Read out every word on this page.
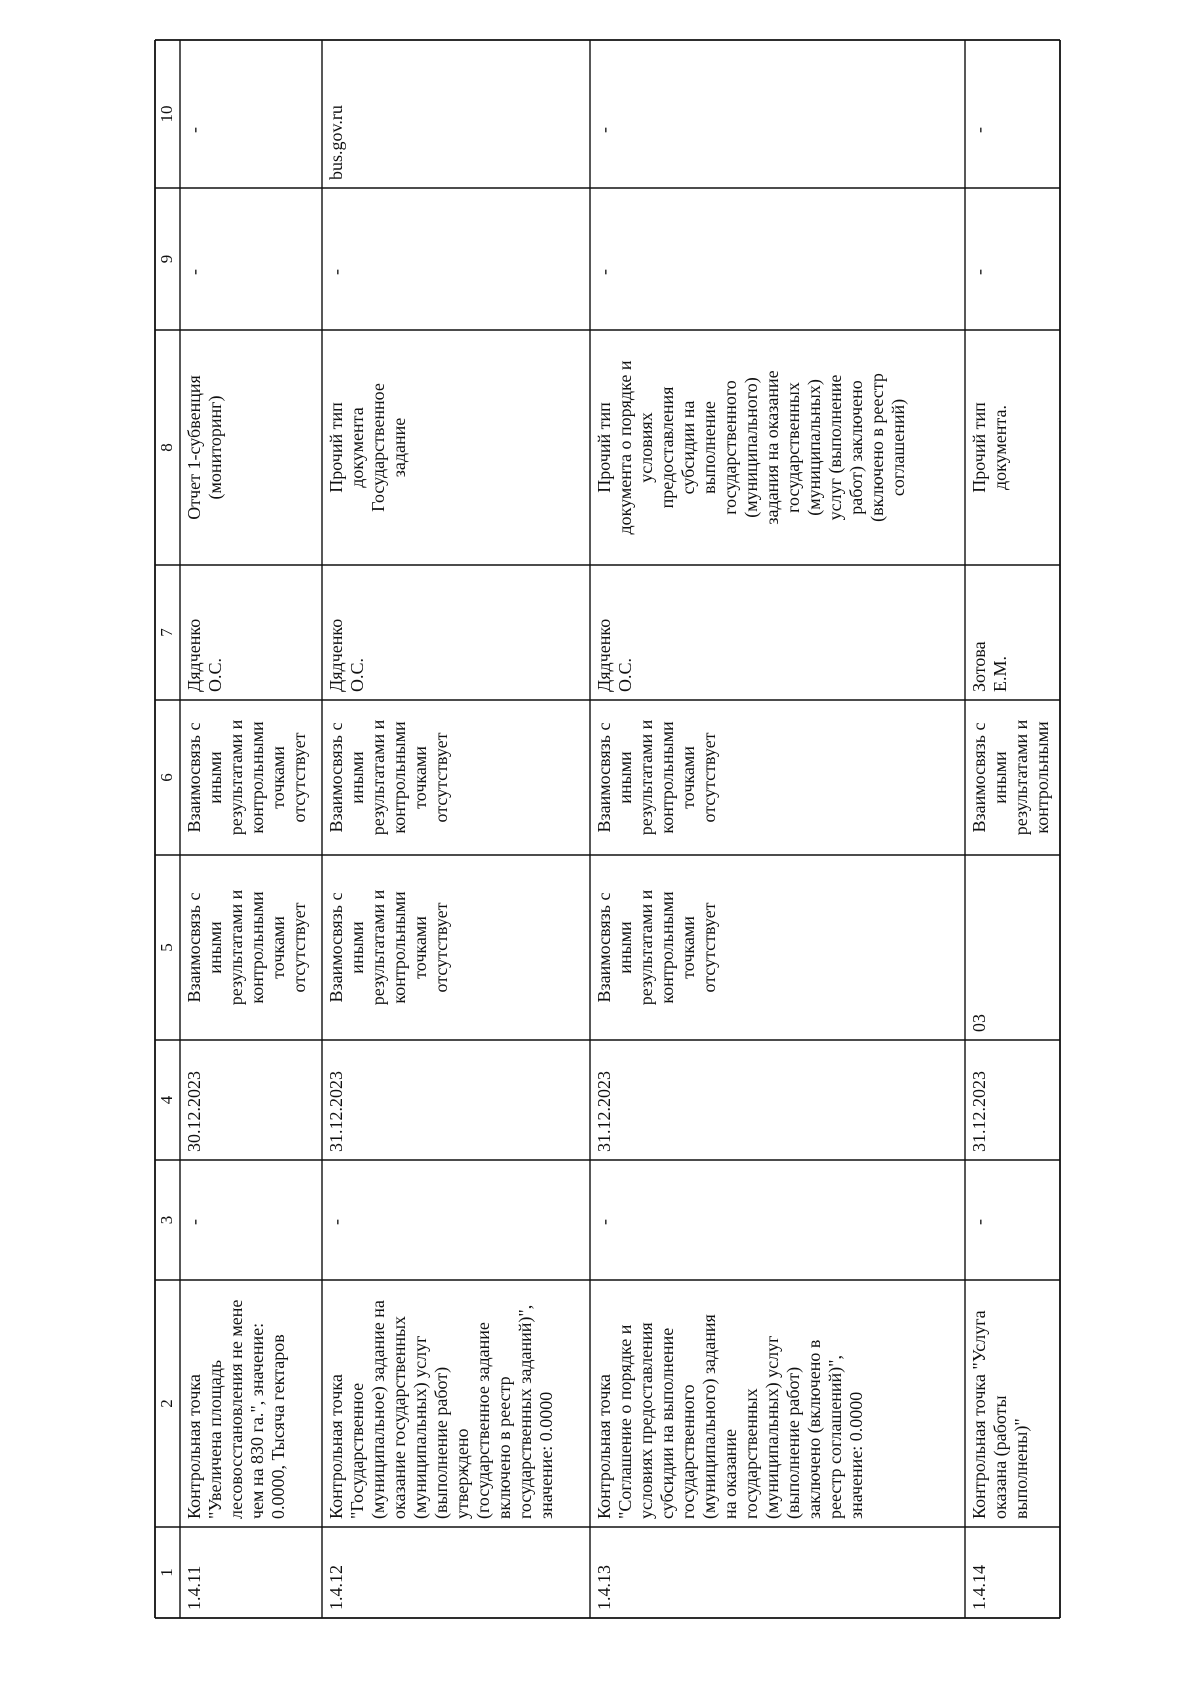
1
2
3
4
5
6
7
8
9
10
-
-
Отчет 1-субвенция (мониторинг)
Дядченко О.С.
Взаимосвязь с иными результатами и контрольными точками отсутствует
Взаимосвязь с иными результатами и контрольными точками отсутствует
30.12.2023
-
Контрольная точка "Увеличена площадь лесовосстановления не мене чем на 830 га.", значение: 0.0000, Тысяча гектаров
1.4.11
bus.gov.ru
-
Прочий тип документа Государственное задание
Дядченко О.С.
Взаимосвязь с иными результатами и контрольными точками отсутствует
Взаимосвязь с иными результатами и контрольными точками отсутствует
31.12.2023
-
Контрольная точка "Государственное (муниципальное) задание на оказание государственных (муниципальных) услуг (выполнение работ) утверждено (государственное задание включено в реестр государственных заданий)", значение: 0.0000
1.4.12
-
-
Прочий тип документа о порядке и условиях предоставления субсидии на выполнение государственного (муниципального) задания на оказание государственных (муниципальных) услуг (выполнение работ) заключено (включено в реестр соглашений)
Дядченко О.С.
Взаимосвязь с иными результатами и контрольными точками отсутствует
Взаимосвязь с иными результатами и контрольными точками отсутствует
31.12.2023
-
Контрольная точка "Соглашение о порядке и условиях предоставления субсидии на выполнение государственного (муниципального) задания на оказание государственных (муниципальных) услуг (выполнение работ) заключено (включено в реестр соглашений)", значение: 0.0000
1.4.13
-
-
Прочий тип документа.
Зотова Е.М.
Взаимосвязь с иными результатами и контрольными
03
31.12.2023
-
Контрольная точка "Услуга оказана (работы выполнены)"
1.4.14
